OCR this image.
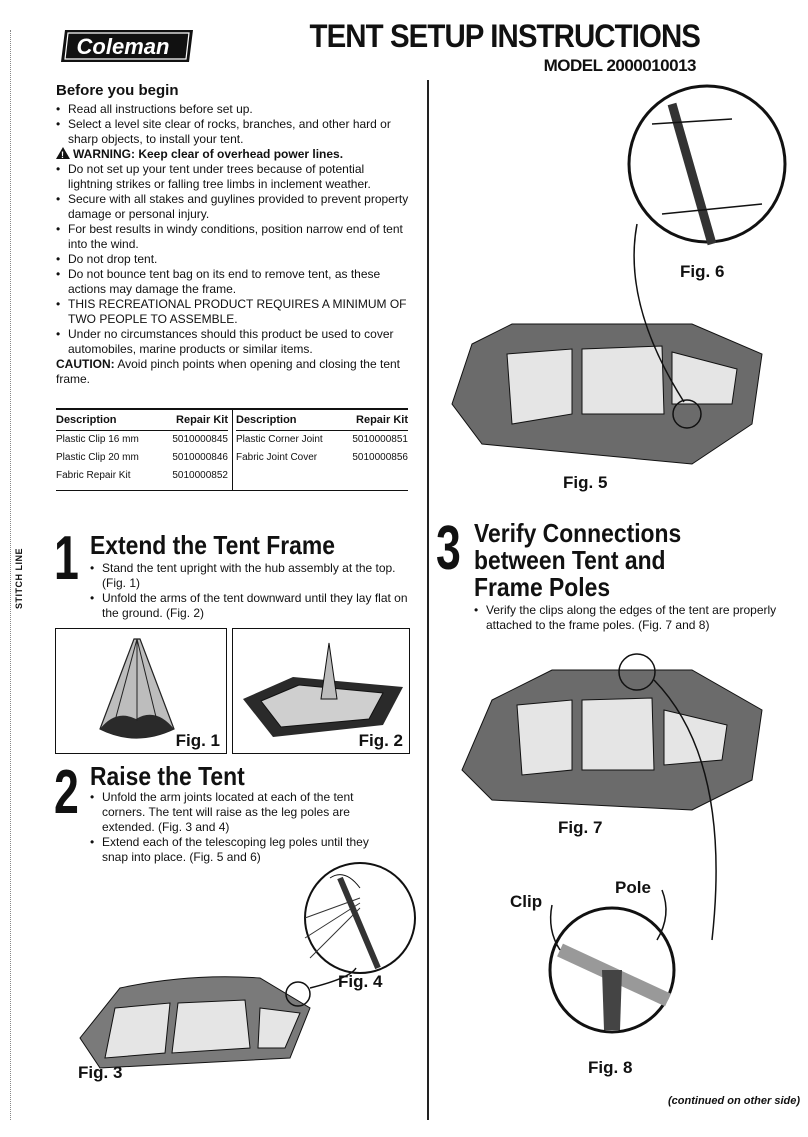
Coleman	TENT SETUP INSTRUCTIONS
MODEL 2000010013
STITCH LINE
Before you begin
• Read all instructions before set up.
• Select a level site clear of rocks, branches, and other hard or sharp objects, to install your tent.
!WARNING: Keep clear of overhead power lines.
• Do not set up your tent under trees because of potential lightning strikes or falling tree limbs in inclement weather.
• Secure with all stakes and guylines provided to prevent property damage or personal injury.
• For best results in windy conditions, position narrow end of tent into the wind.
• Do not drop tent.
• Do not bounce tent bag on its end to remove tent, as these actions may damage the frame.
• THIS RECREATIONAL PRODUCT REQUIRES A MINIMUM OF TWO PEOPLE TO ASSEMBLE.
• Under no circumstances should this product be used to cover automobiles, marine products or similar items.
CAUTION: Avoid pinch points when opening and closing the tent frame.
Description	Repair Kit
Plastic Clip 16 mm	5010000845
Plastic Clip 20 mm	5010000846
Fabric Repair Kit	5010000852
Description	Repair Kit
Plastic Corner Joint	5010000851
Fabric Joint Cover	5010000856
1 Extend the Tent Frame
• Stand the tent upright with the hub assembly at the top. (Fig. 1)
• Unfold the arms of the tent downward until they lay flat on the ground. (Fig. 2)
Fig. 1	Fig. 2
2 Raise the Tent
• Unfold the arm joints located at each of the tent corners. The tent will raise as the leg poles are extended. (Fig. 3 and 4)
• Extend each of the telescoping leg poles until they snap into place. (Fig. 5 and 6)
Fig. 4
Fig. 3
Fig. 6
Fig. 5
3 Verify Connections
between Tent and
Frame Poles
• Verify the clips along the edges of the tent are properly attached to the frame poles. (Fig. 7 and 8)
Fig. 7
Clip
Pole
Fig. 8
(continued on other side)
